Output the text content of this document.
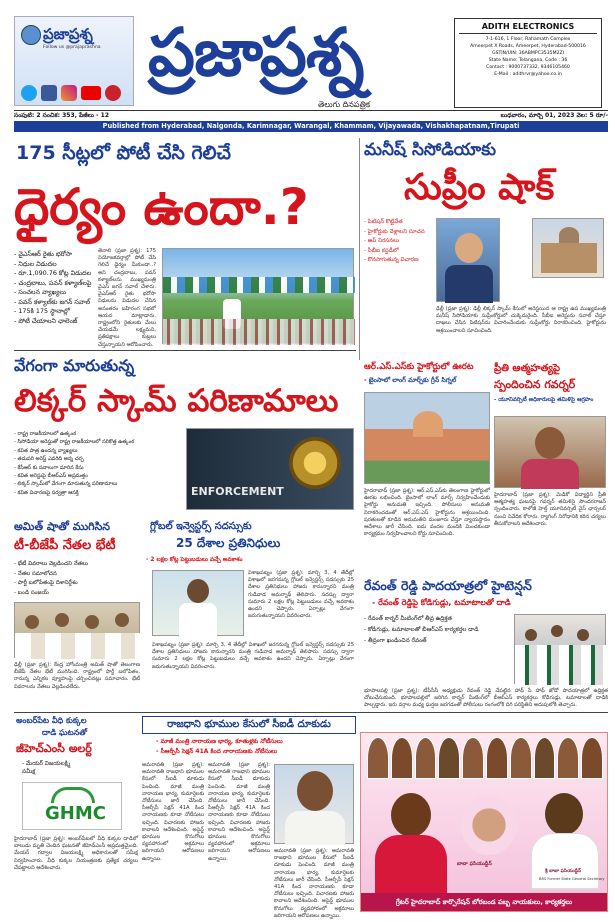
ప్రజాప్రశ్న
Follow us @prajaprashna ప్రజాప్రశ్న
తెలుగు దినపత్రిక
ADITH ELECTRONICS
7-1-616, 1 Floor, Rahamath Complex
Ameerpet X Roads, Ameerpet, Hyderabad-500016
GSTIN/UIN: 36ABMPC3535M2ZI
State Name: Telangana, Code : 36
Contact : 9000737332, 9346105460
E-Mail : adithrvr@yahoo.co.in
సంపుటి: 2 సంచిక: 353, పేజీలు - 12	బుధవారం, మార్చి 01, 2023 వెల: 5 రూ/-
Published from Hyderabad, Nalgonda, Karimnagar, Warangal, Khammam, Vijayawada, Vishakhapatnam,Tirupati
175 సీట్లలో పోటీ చేసి గెలిచే
ధైర్యం ఉందా.?
- వైఎస్ఆర్ రైతు భరోసా
- నిధుల విడుదల
- రూ.1,090.76 కోట్ల విడుదల
- చంద్రబాబు, పవన్ కళ్యాణ్‌లపై
- సంచలన వ్యాఖ్యలు
- పవన్ కళ్యాణ్‌కు జగన్ సవాల్
- 175కి 175 స్థానాల్లో
- పోటీ చేయాలని ఛాలెంజ్
తెనాలి (ప్రజా ప్రశ్న): 175 నియోజకవర్గాల్లో పోటీ చేసి గెలిచే ధైర్యం మీకుందా..? అని చంద్రబాబు, పవన్ కళ్యాణ్‌లను ముఖ్యమంత్రి వైఎస్ జగన్ సవాల్ చేశారు. వైఎస్ఆర్ రైతు భరోసా నిధులను విడుదల చేసిన అనంతరం బహిరంగ సభలో ఆయన మాట్లాడారు. రాష్ట్రంలోని రైతులకు మేలు చేయడమే లక్ష్యమని, ప్రతిపక్షాలు కుట్రలు చేస్తున్నాయని ఆరోపించారు.
మనీష్ సిసోడియాకు
సుప్రీం షాక్
- పిటిషన్ కొట్టివేత
- హైకోర్టుకు వెళ్లాలని సూచన
- ఆప్ నిరసనలు
- సీబీఐ కస్టడీలో
- కొనసాగుతున్న విచారణ
ఢిల్లీ (ప్రజా ప్రశ్న): ఢిల్లీ లిక్కర్ స్కామ్ కేసులో అరెస్టయిన ఆ రాష్ట్ర ఉప ముఖ్యమంత్రి మనీష్ సిసోడియాకు సుప్రీంకోర్టులో చుక్కెదురైంది. సీబీఐ అరెస్టును సవాల్ చేస్తూ దాఖలు చేసిన పిటిషన్‌ను విచారించేందుకు సుప్రీంకోర్టు నిరాకరించింది. హైకోర్టును ఆశ్రయించాలని సూచించింది.
వేగంగా మారుతున్న
లిక్కర్ స్కామ్ పరిణామాలు
- రాష్ట్ర రాజకీయాలలో ఉత్కంఠ
- సిసోడియా అరెస్టుతో రాష్ట్ర రాజకీయాలలో సరికొత్త ఉత్కంఠ
- కవిత పాత్ర ఉందన్న వ్యాఖ్యలు
- తదుపరి అరెస్ట్ ఎవరిది అన్న చర్చ
- కేసీఆర్ కు సవాలుగా మారిన కేసు
- కవిత అరెస్టుపై బీఆర్ఎస్ అప్రమత్తం
- లిక్కర్ స్కామ్‌లో వేగంగా మారుతున్న పరిణామాలు
- కవిత విచారణపై సర్వత్రా ఆసక్తి	ENFORCEMENT
ఆర్.ఎస్.ఎస్‌కు హైకోర్టులో ఊరట
- బైంసాలో లాంగ్ మార్చ్‌కు గ్రీన్ సిగ్నల్
హైదరాబాద్ (ప్రజా ప్రశ్న): ఆర్.ఎస్.ఎస్‌కు తెలంగాణ హైకోర్టులో ఊరట లభించింది. బైంసాలో లాంగ్ మార్చ్ నిర్వహించేందుకు హైకోర్టు అనుమతి ఇచ్చింది. పోలీసులు అనుమతి నిరాకరించడంతో ఆర్.ఎస్.ఎస్ హైకోర్టును ఆశ్రయించింది. షరతులతో కూడిన అనుమతిని మంజూరు చేస్తూ న్యాయస్థానం ఆదేశాలు జారీ చేసింది. ఐదు వందల మందికి మించకుండా కార్యక్రమం నిర్వహించాలని కోర్టు సూచించింది.
ప్రీతి ఆత్మహత్యపై
స్పందించిన గవర్నర్
- యూనివర్సిటీ అధికారులపై తమిళిసై ఆగ్రహం
హైదరాబాద్ (ప్రజా ప్రశ్న): మెడికో విద్యార్థిని ప్రీతి ఆత్మహత్య ఘటనపై గవర్నర్ తమిళిసై సౌందరరాజన్ స్పందించారు. కాళోజీ హెల్త్ యూనివర్సిటీ వైస్ ఛాన్సలర్ నుంచి నివేదిక కోరారు. ర్యాగింగ్ నిరోధానికి కఠిన చర్యలు తీసుకోవాలని ఆదేశించారు.
అమిత్ షాతో ముగిసిన
టీ-బీజేపీ నేతల భేటీ
- భేటీ వివరాలు వెల్లడించని నేతలు
- నేతల సమాలోచన
- పార్టీ బలోపేతంపై దిశానిర్దేశం
- బండి సంజయ్
ఢిల్లీ (ప్రజా ప్రశ్న): కేంద్ర హోంమంత్రి అమిత్ షాతో తెలంగాణ బీజేపీ నేతల భేటీ ముగిసింది. రాష్ట్రంలో పార్టీ బలోపేతం, రానున్న ఎన్నికల వ్యూహంపై చర్చించినట్లు సమాచారం. భేటీ వివరాలను నేతలు వెల్లడించలేదు.
గ్లోబల్ ఇన్వెస్టర్స్ సదస్సుకు
25 దేశాల ప్రతినిధులు
- 2 లక్షల కోట్ల పెట్టుబడులు వచ్చే అవకాశం
విశాఖపట్నం (ప్రజా ప్రశ్న): మార్చి 3, 4 తేదీల్లో విశాఖలో జరగనున్న గ్లోబల్ ఇన్వెస్టర్స్ సదస్సుకు 25 దేశాల ప్రతినిధులు హాజరు కానున్నారని మంత్రి గుడివాడ అమర్నాథ్ తెలిపారు. సదస్సు ద్వారా సుమారు 2 లక్షల కోట్ల పెట్టుబడులు వచ్చే అవకాశం ఉందని చెప్పారు. ఏర్పాట్లు వేగంగా జరుగుతున్నాయని వివరించారు.
విశాఖపట్నం (ప్రజా ప్రశ్న): మార్చి 3, 4 తేదీల్లో విశాఖలో జరగనున్న గ్లోబల్ ఇన్వెస్టర్స్ సదస్సుకు 25 దేశాల ప్రతినిధులు హాజరు కానున్నారని మంత్రి గుడివాడ అమర్నాథ్ తెలిపారు. సదస్సు ద్వారా సుమారు 2 లక్షల కోట్ల పెట్టుబడులు వచ్చే అవకాశం ఉందని చెప్పారు. ఏర్పాట్లు వేగంగా జరుగుతున్నాయని వివరించారు.
రేవంత్ రెడ్డి పాదయాత్రలో హైటెన్షన్
- రేవంత్ రెడ్డిపై కోడిగుడ్లు, టమాటాలతో దాడి
- రేవంత్ కార్నర్ మీటింగ్‌లో తీవ్ర ఉద్రిక్తత
- కోడిగుడ్లు, టమాటాలతో బీఆర్ఎస్ కార్యకర్తల దాడి
- తీవ్రంగా ఖండించిన రేవంత్
భూపాలపల్లి (ప్రజా ప్రశ్న): టీపీసీసీ అధ్యక్షుడు రేవంత్ రెడ్డి చేపట్టిన హాథ్ సే హాథ్ జోడో పాదయాత్రలో ఉద్రిక్తత చోటుచేసుకుంది. భూపాలపల్లిలో జరిగిన కార్నర్ మీటింగ్‌లో బీఆర్ఎస్ కార్యకర్తలు కోడిగుడ్లు, టమాటాలతో దాడికి పాల్పడ్డారు. ఇరు వర్గాల మధ్య ఘర్షణ జరగడంతో పోలీసులు రంగంలోకి దిగి పరిస్థితిని అదుపులోకి తెచ్చారు.
అంబర్‌పేట వీధి కుక్కల
దాడి ఘటనతో
జీహెచ్ఎంసీ అలర్ట్
- మేయర్ విజయలక్ష్మి
సమీక్ష
GHMC
హైదరాబాద్ (ప్రజా ప్రశ్న): అంబర్‌పేటలో వీధి కుక్కల దాడిలో బాలుడు మృతి చెందిన ఘటనతో జీహెచ్ఎంసీ అప్రమత్తమైంది. మేయర్ గద్వాల విజయలక్ష్మి అధికారులతో సమీక్ష నిర్వహించారు. వీధి కుక్కల నియంత్రణకు ప్రత్యేక చర్యలు చేపట్టాలని ఆదేశించారు.
రాజధాని భూముల కేసులో సీఐడీ దూకుడు
- మాజీ మంత్రి నారాయణ భార్య, కూతుళ్లకు నోటీసులు
- సీఆర్పీసీ సెక్షన్ 41A కింద నారాయణకు నోటీసులు
అమరావతి (ప్రజా ప్రశ్న): అమరావతి రాజధాని భూముల కేసులో సీఐడీ దూకుడు పెంచింది. మాజీ మంత్రి నారాయణ భార్య, కుమార్తెలకు నోటీసులు జారీ చేసింది. సీఆర్పీసీ సెక్షన్ 41A కింద నారాయణకు కూడా నోటీసులు ఇచ్చింది. విచారణకు హాజరు కావాలని ఆదేశించింది. అసైన్డ్ భూముల కొనుగోలు వ్యవహారంలో అక్రమాలు జరిగాయని ఆరోపణలు ఉన్నాయి.
అమరావతి (ప్రజా ప్రశ్న): అమరావతి రాజధాని భూముల కేసులో సీఐడీ దూకుడు పెంచింది. మాజీ మంత్రి నారాయణ భార్య, కుమార్తెలకు నోటీసులు జారీ చేసింది. సీఆర్పీసీ సెక్షన్ 41A కింద నారాయణకు కూడా నోటీసులు ఇచ్చింది. విచారణకు హాజరు కావాలని ఆదేశించింది. అసైన్డ్ భూముల కొనుగోలు వ్యవహారంలో అక్రమాలు జరిగాయని ఆరోపణలు ఉన్నాయి.
అమరావతి (ప్రజా ప్రశ్న): అమరావతి రాజధాని భూముల కేసులో సీఐడీ దూకుడు పెంచింది. మాజీ మంత్రి నారాయణ భార్య, కుమార్తెలకు నోటీసులు జారీ చేసింది. సీఆర్పీసీ సెక్షన్ 41A కింద నారాయణకు కూడా నోటీసులు ఇచ్చింది. విచారణకు హాజరు కావాలని ఆదేశించింది. అసైన్డ్ భూముల కొనుగోలు వ్యవహారంలో అక్రమాలు జరిగాయని ఆరోపణలు ఉన్నాయి.
బాబా ఫసియుద్దీన్
శ్రీ బాబా ఫసియుద్దీన్
BRS Former State General Secretary
గ్రేటర్ హైదరాబాద్ కార్పొరేషన్ బోరబండ పబ్బ నాయకులు, కార్యకర్తలు
